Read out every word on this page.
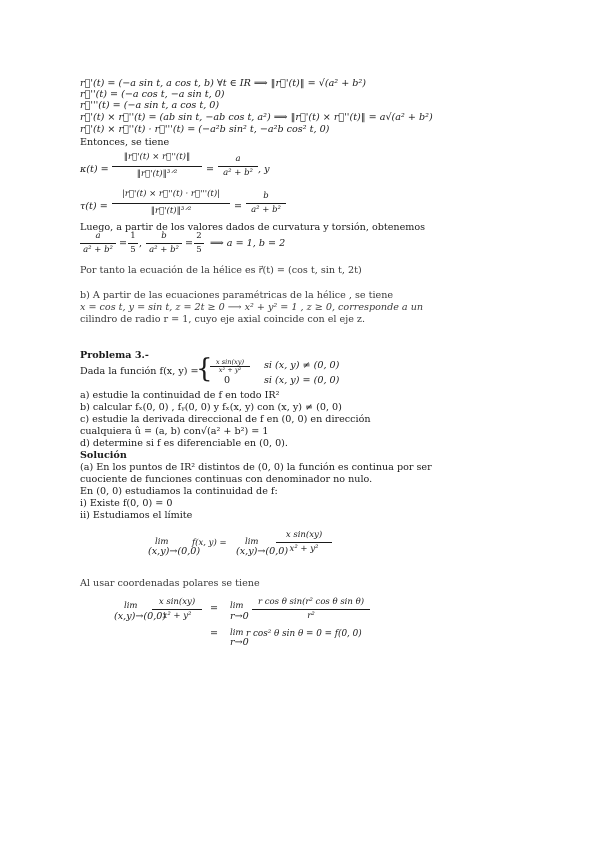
r⃗'(t) = (−a sin t, a cos t, b) ∀t ∈ IR ⟹ ‖r⃗'(t)‖ = √(a² + b²)
r⃗''(t) = (−a cos t, −a sin t, 0)
r⃗'''(t) = (−a sin t, a cos t, 0)
r⃗'(t) × r⃗''(t) = (ab sin t, −ab cos t, a²) ⟹ ‖r⃗'(t) × r⃗''(t)‖ = a√(a² + b²)
r⃗'(t) × r⃗''(t) · r⃗'''(t) = (−a²b sin² t, −a²b cos² t, 0)
Entonces, se tiene
κ(t) =
‖r⃗'(t) × r⃗''(t)‖
‖r⃗'(t)‖³ᐟ²	=
a
a² + b² , y
τ(t) =
|r⃗'(t) × r⃗''(t) · r⃗'''(t)|
‖r⃗'(t)‖³ᐟ²	=
b
a² + b²
Luego, a partir de los valores dados de curvatura y torsión, obtenemos
a
a² + b²
=
1
5
,
b
a² + b²
=
2
5
⟹ a = 1, b = 2
Por tanto la ecuación de la hélice es r⃗(t) = (cos t, sin t, 2t)
b) A partir de las ecuaciones paramétricas de la hélice , se tiene
x = cos t, y = sin t, z = 2t ≥ 0 ⟶ x² + y² = 1 , z ≥ 0, corresponde a un
cilindro de radio r = 1, cuyo eje axial coincide con el eje z.
Problema 3.-
Dada la función f(x, y) =
{ x sin(xy)
x² + y²	si (x, y) ≠ (0, 0)
0	si (x, y) = (0, 0)
a) estudie la continuidad de f en todo IR²
b) calcular fₓ(0, 0) , fᵧ(0, 0) y fₓ(x, y) con (x, y) ≠ (0, 0)
c) estudie la derivada direccional de f en (0, 0) en dirección
cualquiera û = (a, b) con√(a² + b²) = 1
d) determine si f es diferenciable en (0, 0).
Solución
(a) En los puntos de IR² distintos de (0, 0) la función es continua por ser
cuociente de funciones continuas con denominador no nulo.
En (0, 0) estudiamos la continuidad de f:
i) Existe f(0, 0) = 0
ii) Estudiamos el límite
lim
(x,y)→(0,0)
f(x, y) = lim
(x,y)→(0,0)
x sin(xy)
x² + y²
Al usar coordenadas polares se tiene
lim
(x,y)→(0,0)
x sin(xy)
x² + y²
= lim
r→0
r cos θ sin(r² cos θ sin θ)
r²
= lim
r→0
r cos² θ sin θ = 0 = f(0, 0)
